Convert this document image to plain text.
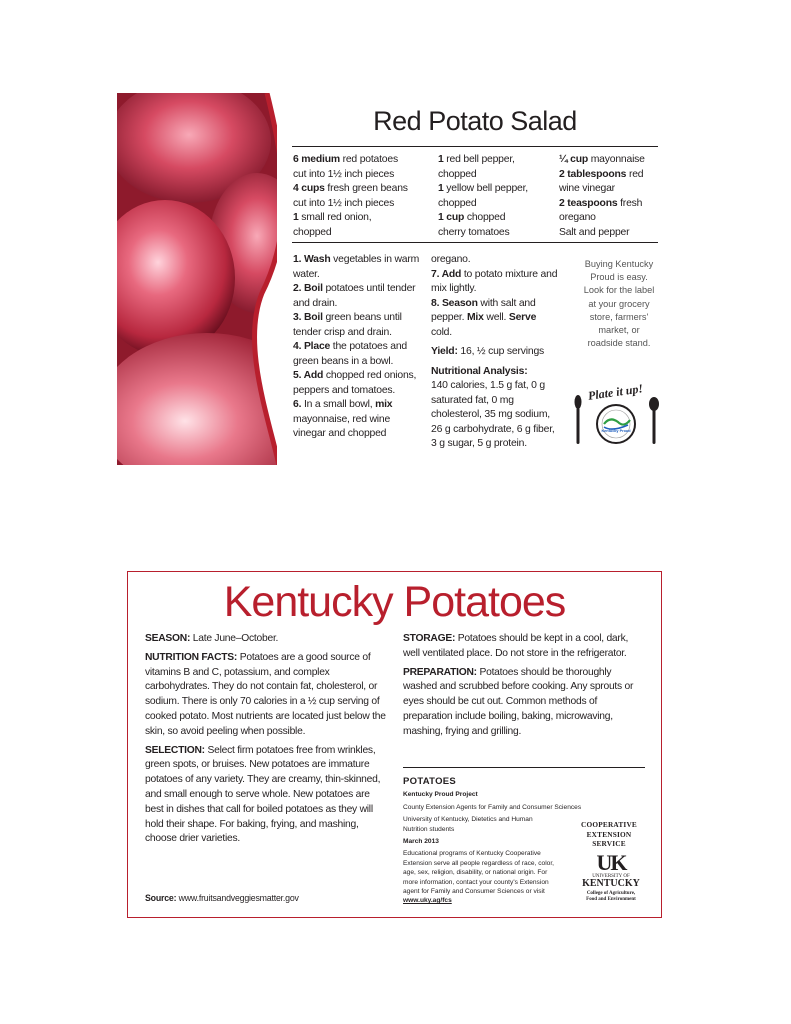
Red Potato Salad

6 medium red potatoes

cut into 1½ inch pieces

4 cups fresh green beans

cut into 1½ inch pieces

1 small red onion,

chopped

1 red bell pepper,

chopped

1 yellow bell pepper,

chopped

1 cup chopped

cherry tomatoes

¼ cup mayonnaise

2 tablespoons red

wine vinegar

2 teaspoons fresh

oregano

Salt and pepper

1. Wash vegetables in warm water.

2. Boil potatoes until tender and drain.

3. Boil green beans until tender crisp and drain.

4. Place the potatoes and green beans in a bowl.

5. Add chopped red onions, peppers and tomatoes.

6. In a small bowl, mix mayonnaise, red wine vinegar and chopped

oregano.

7. Add to potato mixture and mix lightly.

8. Season with salt and pepper. Mix well. Serve cold.

Yield: 16, ½ cup servings

Nutritional Analysis:

140 calories, 1.5 g fat, 0 g saturated fat, 0 mg cholesterol, 35 mg sodium, 26 g carbohydrate, 6 g fiber, 3 g sugar, 5 g protein.

Buying Kentucky Proud is easy. Look for the label at your grocery store, farmers' market, or roadside stand.
Kentucky Proud
Plate it up!
Kentucky Potatoes

SEASON: Late June–October.

NUTRITION FACTS: Potatoes are a good source of vitamins B and C, potassium, and complex carbohydrates. They do not contain fat, cholesterol, or sodium. There is only 70 calories in a ½ cup serving of cooked potato. Most nutrients are located just below the skin, so avoid peeling when possible.

SELECTION: Select firm potatoes free from wrinkles, green spots, or bruises. New potatoes are immature potatoes of any variety. They are creamy, thin-skinned, and small enough to serve whole. New potatoes are best in dishes that call for boiled potatoes as they will hold their shape. For baking, frying, and mashing, choose drier varieties.

STORAGE: Potatoes should be kept in a cool, dark, well ventilated place. Do not store in the refrigerator.

PREPARATION: Potatoes should be thoroughly washed and scrubbed before cooking. Any sprouts or eyes should be cut out. Common methods of preparation include boiling, baking, microwaving, mashing, frying and grilling.

Source: www.fruitsandveggiesmatter.gov

POTATOES

Kentucky Proud Project

County Extension Agents for Family and Consumer Sciences

University of Kentucky, Dietetics and Human Nutrition students

March 2013

Educational programs of Kentucky Cooperative Extension serve all people regardless of race, color, age, sex, religion, disability, or national origin. For more information, contact your county's Extension agent for Family and Consumer Sciences or visit www.uky.ag/fcs

COOPERATIVE
EXTENSION
SERVICE
UK
UNIVERSITY OF
KENTUCKY
College of Agriculture,
Food and Environment
